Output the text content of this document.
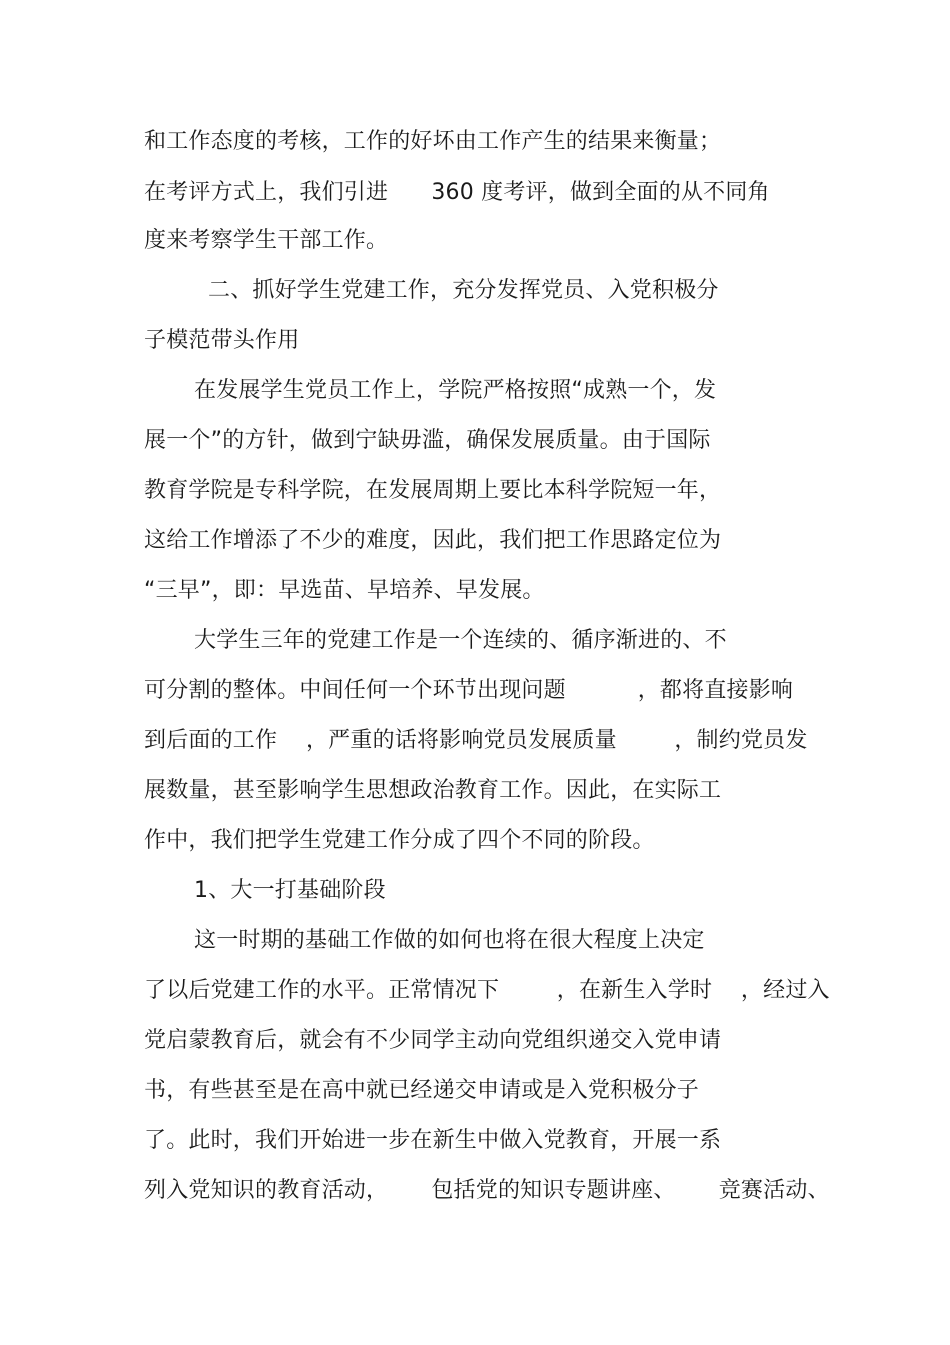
和工作态度的考核，工作的好坏由工作产生的结果来衡量；
在考评方式上，我们引进      360 度考评，做到全面的从不同角
度来考察学生干部工作。
二、抓好学生党建工作，充分发挥党员、入党积极分
子模范带头作用
在发展学生党员工作上，学院严格按照“成熟一个，发
展一个”的方针，做到宁缺毋滥，确保发展质量。由于国际
教育学院是专科学院，在发展周期上要比本科学院短一年，
这给工作增添了不少的难度，因此，我们把工作思路定位为
“三早”，即：早选苗、早培养、早发展。
大学生三年的党建工作是一个连续的、循序渐进的、不
可分割的整体。中间任何一个环节出现问题          ，都将直接影响
到后面的工作    ，严重的话将影响党员发展质量        ，制约党员发
展数量，甚至影响学生思想政治教育工作。因此，在实际工
作中，我们把学生党建工作分成了四个不同的阶段。
1、大一打基础阶段
这一时期的基础工作做的如何也将在很大程度上决定
了以后党建工作的水平。正常情况下        ，在新生入学时    ，经过入
党启蒙教育后，就会有不少同学主动向党组织递交入党申请
书，有些甚至是在高中就已经递交申请或是入党积极分子
了。此时，我们开始进一步在新生中做入党教育，开展一系
列入党知识的教育活动，      包括党的知识专题讲座、      竞赛活动、
